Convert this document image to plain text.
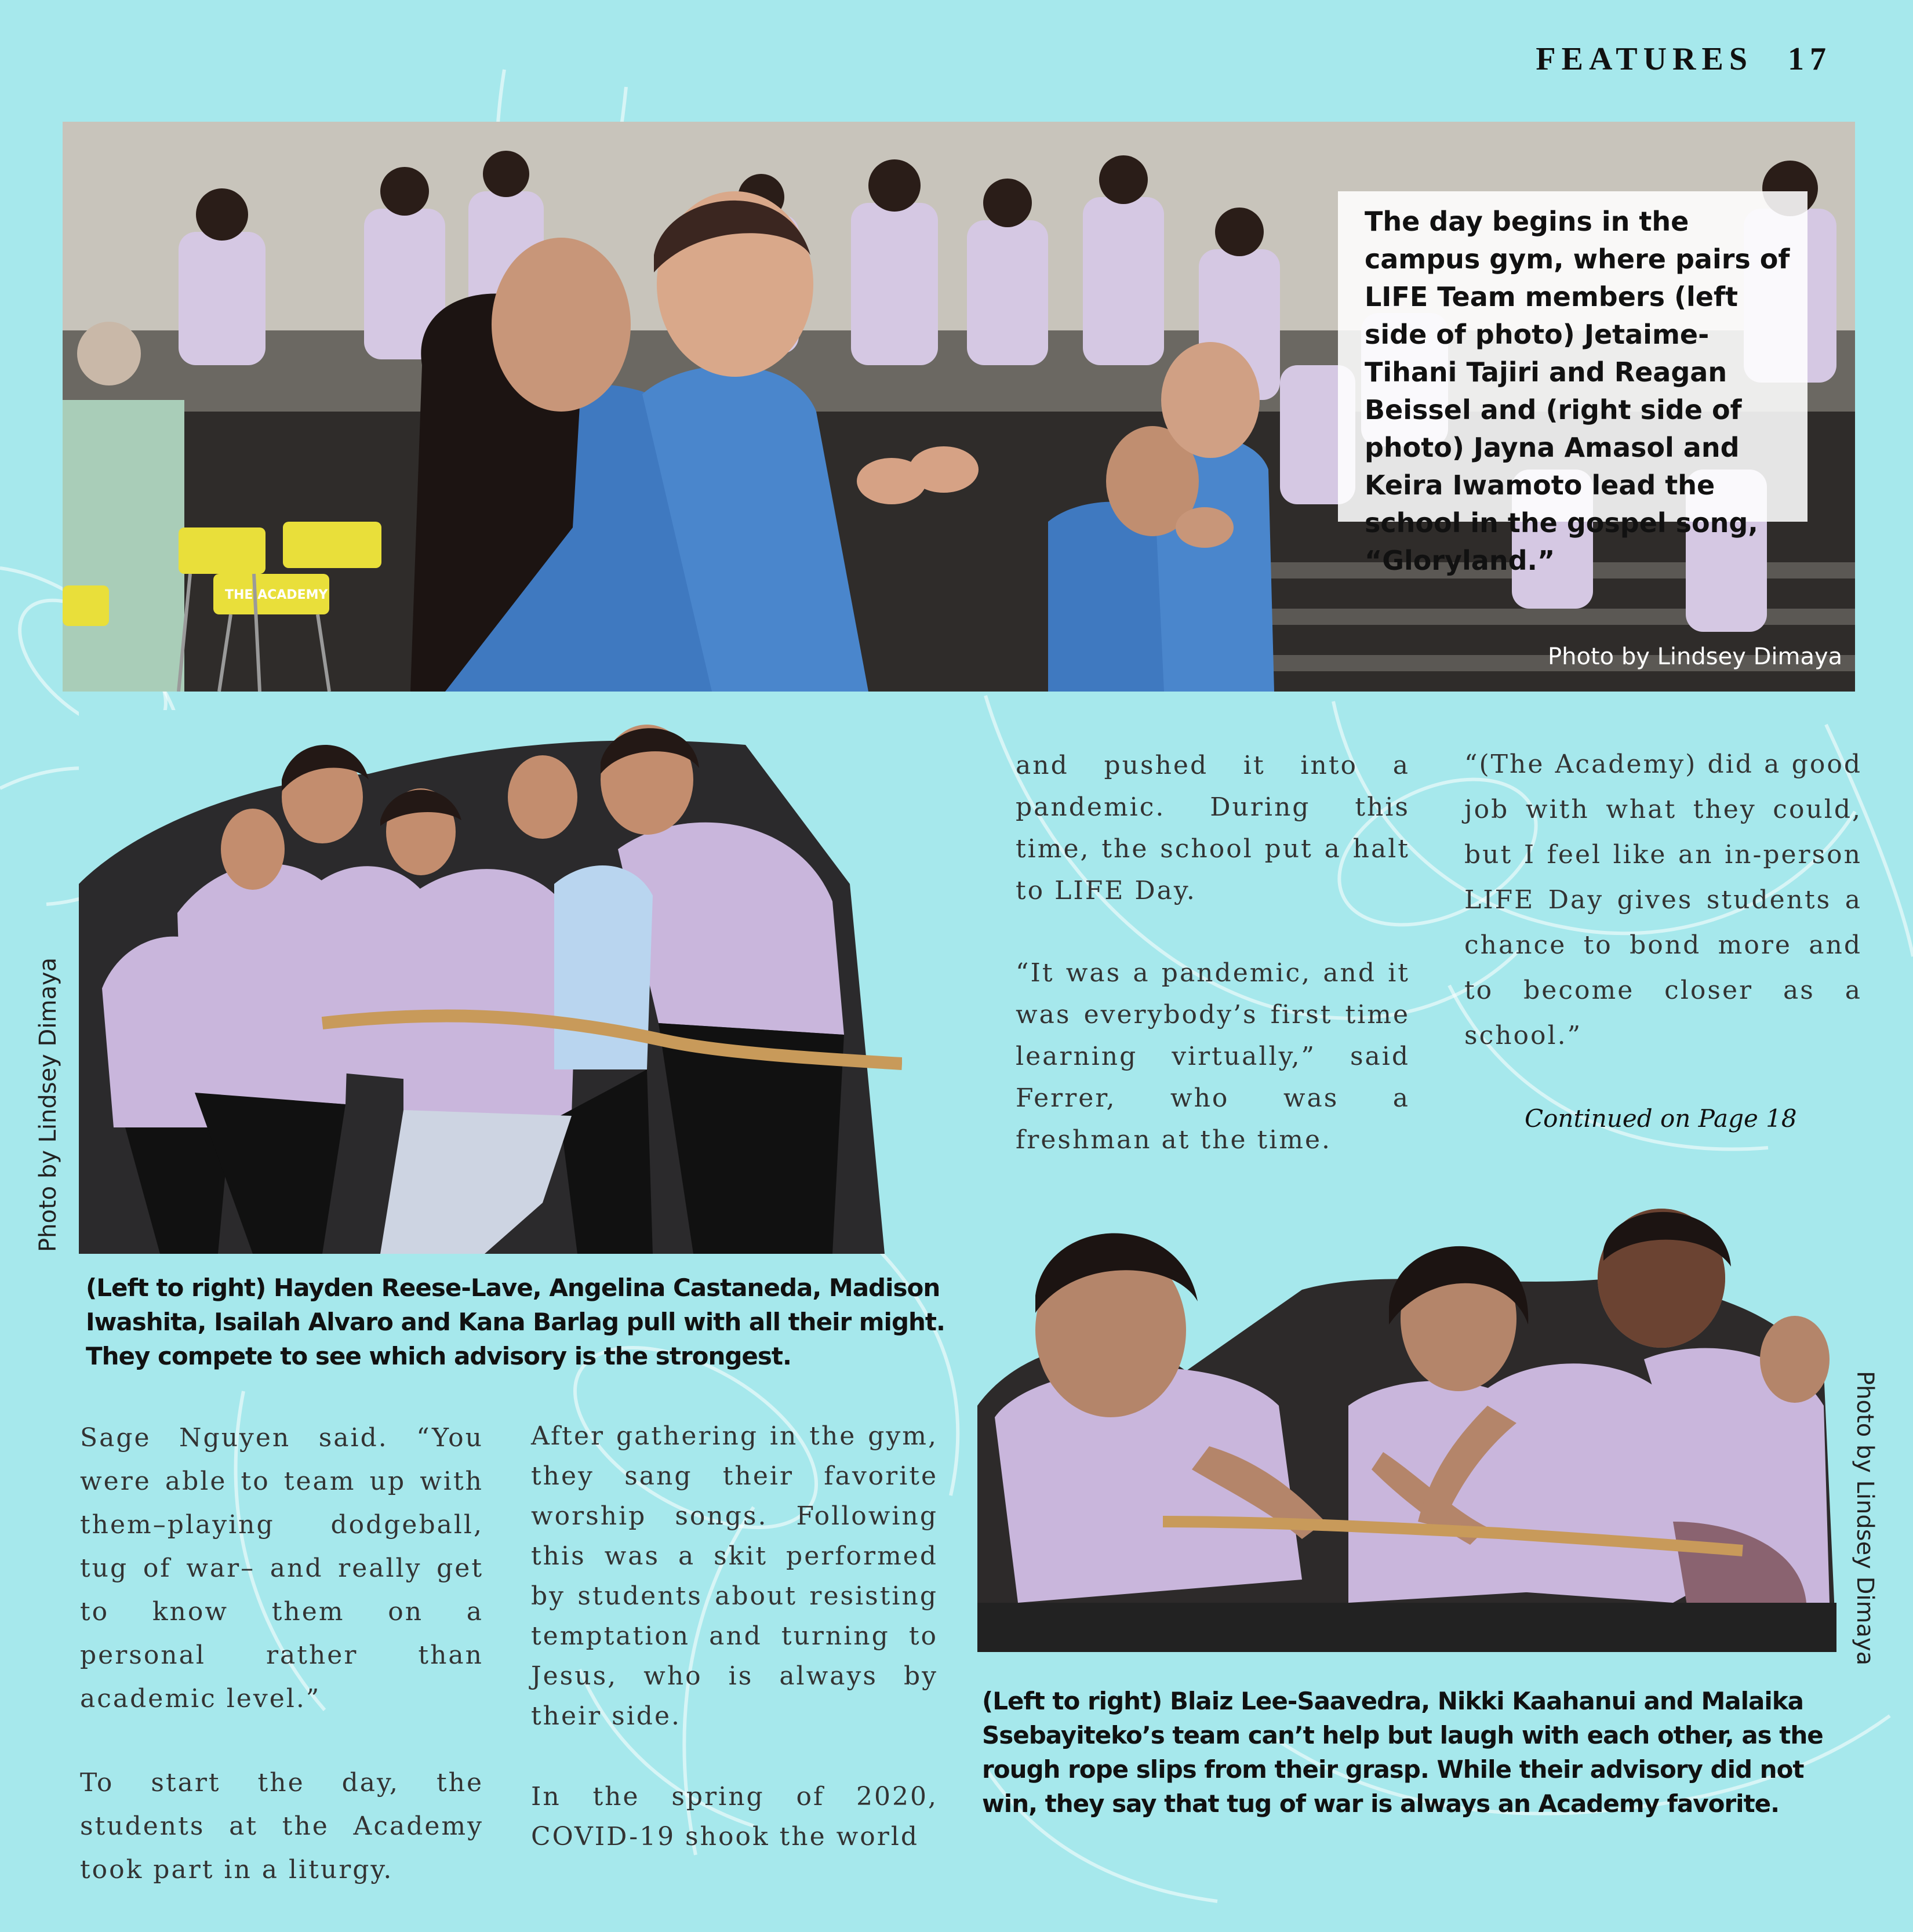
FEATURES 17
THE ACADEMY
The day begins in the campus gym, where pairs of LIFE Team members (left side of photo) Jetaime-Tihani Tajiri and Reagan Beissel and (right side of photo) Jayna Amasol and Keira Iwamoto lead the school in the gospel song, “Gloryland.”
Photo by Lindsey Dimaya
Photo by Lindsey Dimaya
(Left to right) Hayden Reese-Lave, Angelina Castaneda, Madison Iwashita, Isailah Alvaro and Kana Barlag pull with all their might. They compete to see which advisory is the strongest.
Photo by Lindsey Dimaya
(Left to right) Blaiz Lee-Saavedra, Nikki Kaahanui and Malaika Ssebayiteko’s team can’t help but laugh with each other, as the rough rope slips from their grasp. While their advisory did not win, they say that tug of war is always an Academy favorite.

and pushed it into a pandemic. During this time, the school put a halt to LIFE Day.

“It was a pandemic, and it was everybody’s first time learning virtually,” said Ferrer, who was a freshman at the time.

“(The Academy) did a good job with what they could, but I feel like an in-person LIFE Day gives students a chance to bond more and to become closer as a school.”

Continued on Page 18

Sage Nguyen said. “You were able to team up with them–playing dodgeball, tug of war– and really get to know them on a personal rather than academic level.”

To start the day, the students at the Academy took part in a liturgy.

After gathering in the gym, they sang their favorite worship songs. Following this was a skit performed by students about resisting temptation and turning to Jesus, who is always by their side.

In the spring of 2020, COVID-19 shook the world
